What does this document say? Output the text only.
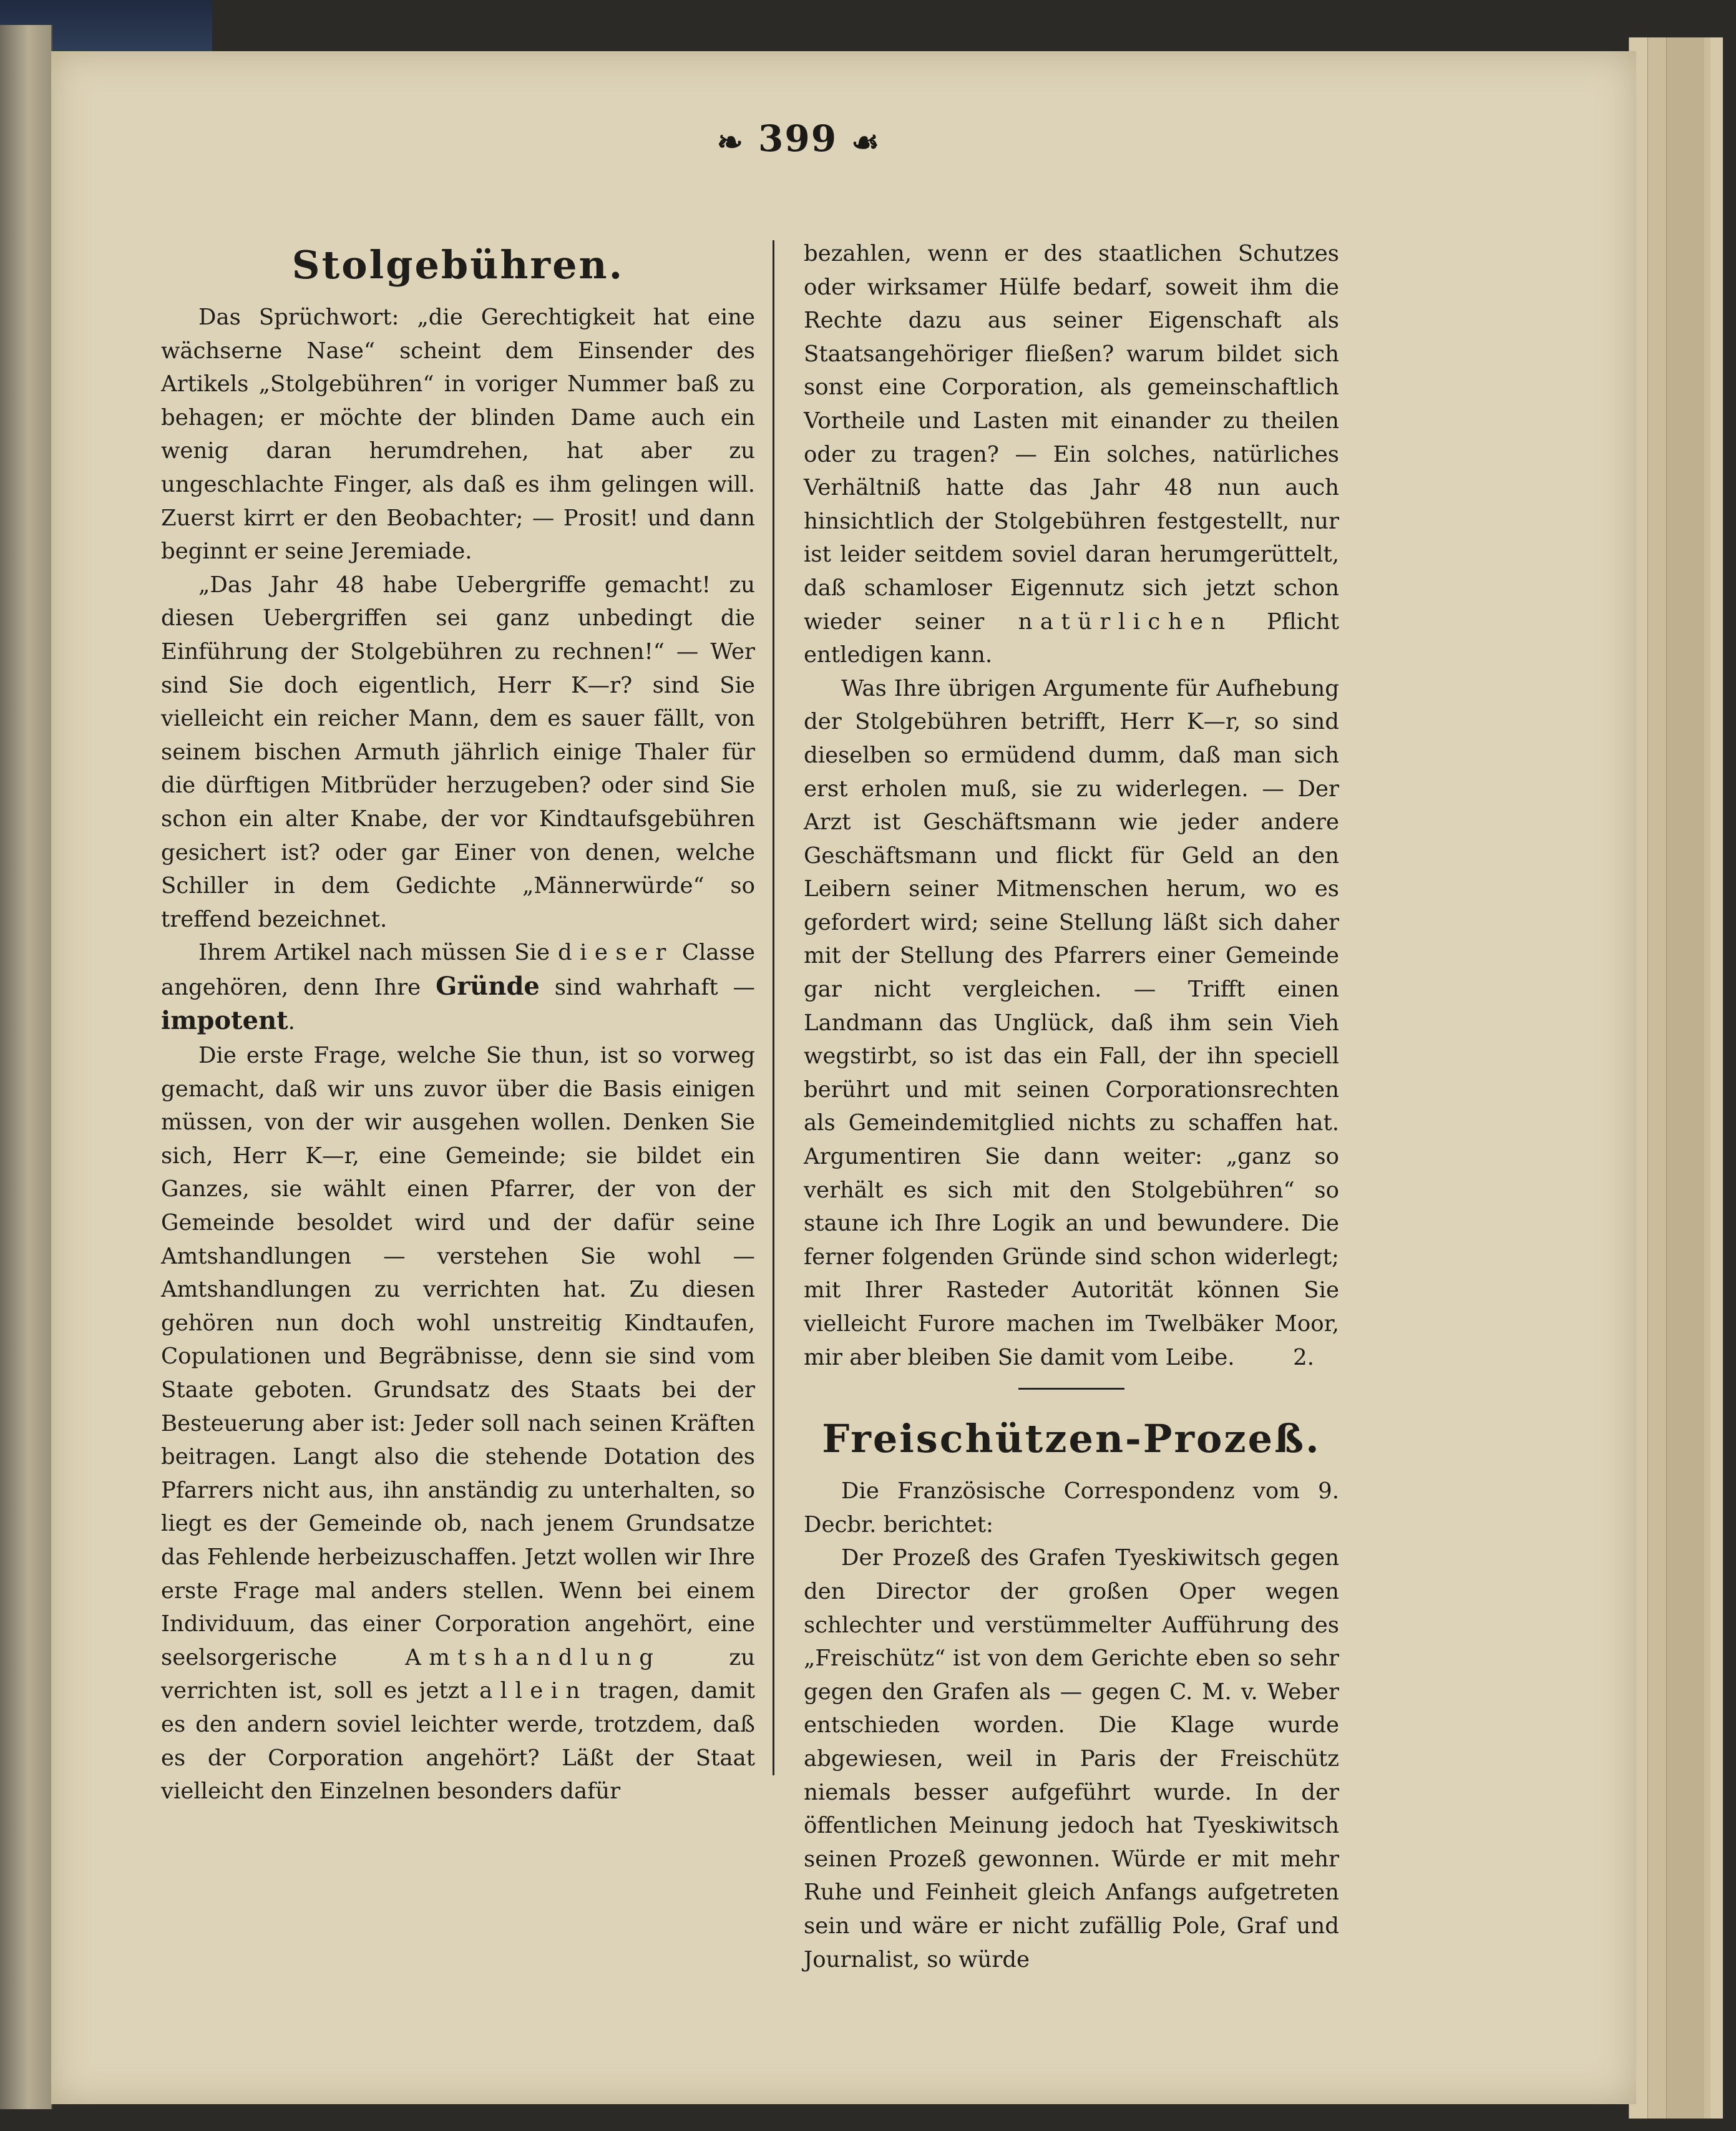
❧ 399 ☙
Stolgebühren.

Das Sprüchwort: „die Gerechtigkeit hat eine wächserne Nase“ scheint dem Einsender des Artikels „Stolgebühren“ in voriger Nummer baß zu behagen; er möchte der blinden Dame auch ein wenig daran herumdrehen, hat aber zu ungeschlachte Finger, als daß es ihm gelingen will. Zuerst kirrt er den Beobachter; — Prosit! und dann beginnt er seine Jeremiade.

„Das Jahr 48 habe Uebergriffe gemacht! zu diesen Uebergriffen sei ganz unbedingt die Einführung der Stolgebühren zu rechnen!“ — Wer sind Sie doch eigentlich, Herr K—r? sind Sie vielleicht ein reicher Mann, dem es sauer fällt, von seinem bischen Armuth jährlich einige Thaler für die dürftigen Mitbrüder herzugeben? oder sind Sie schon ein alter Knabe, der vor Kindtaufsgebühren gesichert ist? oder gar Einer von denen, welche Schiller in dem Gedichte „Männerwürde“ so treffend bezeichnet.

Ihrem Artikel nach müssen Sie dieser Classe angehören, denn Ihre Gründe sind wahrhaft — impotent.

Die erste Frage, welche Sie thun, ist so vorweg gemacht, daß wir uns zuvor über die Basis einigen müssen, von der wir ausgehen wollen. Denken Sie sich, Herr K—r, eine Gemeinde; sie bildet ein Ganzes, sie wählt einen Pfarrer, der von der Gemeinde besoldet wird und der dafür seine Amtshandlungen — verstehen Sie wohl — Amtshandlungen zu verrichten hat. Zu diesen gehören nun doch wohl unstreitig Kindtaufen, Copulationen und Begräbnisse, denn sie sind vom Staate geboten. Grundsatz des Staats bei der Besteuerung aber ist: Jeder soll nach seinen Kräften beitragen. Langt also die stehende Dotation des Pfarrers nicht aus, ihn anständig zu unterhalten, so liegt es der Gemeinde ob, nach jenem Grundsatze das Fehlende herbeizuschaffen. Jetzt wollen wir Ihre erste Frage mal anders stellen. Wenn bei einem Individuum, das einer Corporation angehört, eine seelsorgerische	Amtshandlung	zu verrichten ist, soll es jetzt allein tragen, damit es den andern soviel leichter werde, trotzdem, daß es der Corporation angehört? Läßt der Staat vielleicht den Einzelnen besonders dafür

bezahlen, wenn er des staatlichen Schutzes oder wirksamer Hülfe bedarf, soweit ihm die Rechte dazu aus seiner Eigenschaft als Staatsangehöriger fließen? warum bildet sich sonst eine Corporation, als gemeinschaftlich Vortheile und Lasten mit einander zu theilen oder zu tragen? — Ein solches, natürliches Verhältniß hatte das Jahr 48 nun auch hinsichtlich der Stolgebühren festgestellt, nur ist leider seitdem soviel daran herumgerüttelt, daß schamloser Eigennutz sich jetzt schon wieder seiner natürlichen Pflicht entledigen kann.

Was Ihre übrigen Argumente für Aufhebung der Stolgebühren betrifft, Herr K—r, so sind dieselben so ermüdend dumm, daß man sich erst erholen muß, sie zu widerlegen. — Der Arzt ist Geschäftsmann wie jeder andere Geschäftsmann und flickt für Geld an den Leibern seiner Mitmenschen herum, wo es gefordert wird; seine Stellung läßt sich daher mit der Stellung des Pfarrers einer Gemeinde gar nicht vergleichen. — Trifft einen Landmann das Unglück, daß ihm sein Vieh wegstirbt, so ist das ein Fall, der ihn speciell berührt und mit seinen Corporationsrechten als Gemeindemitglied nichts zu schaffen hat. Argumentiren Sie dann weiter: „ganz so verhält es sich mit den Stolgebühren“ so staune ich Ihre Logik an und bewundere. Die ferner folgenden Gründe sind schon widerlegt; mit Ihrer Rasteder Autorität können Sie vielleicht Furore machen im Twelbäker Moor, mir aber bleiben Sie damit vom Leibe.	2.

Freischützen-Prozeß.

Die Französische Correspondenz vom 9. Decbr. berichtet:

Der Prozeß des Grafen Tyeskiwitsch gegen den Director der großen Oper wegen schlechter und verstümmelter Aufführung des „Freischütz“ ist von dem Gerichte eben so sehr gegen den Grafen als — gegen C. M. v. Weber entschieden worden. Die Klage wurde abgewiesen, weil in Paris der Freischütz niemals besser aufgeführt wurde. In der öffentlichen Meinung jedoch hat Tyeskiwitsch seinen Prozeß gewonnen. Würde er mit mehr Ruhe und Feinheit gleich Anfangs aufgetreten sein und wäre er nicht zufällig Pole, Graf und Journalist, so würde
